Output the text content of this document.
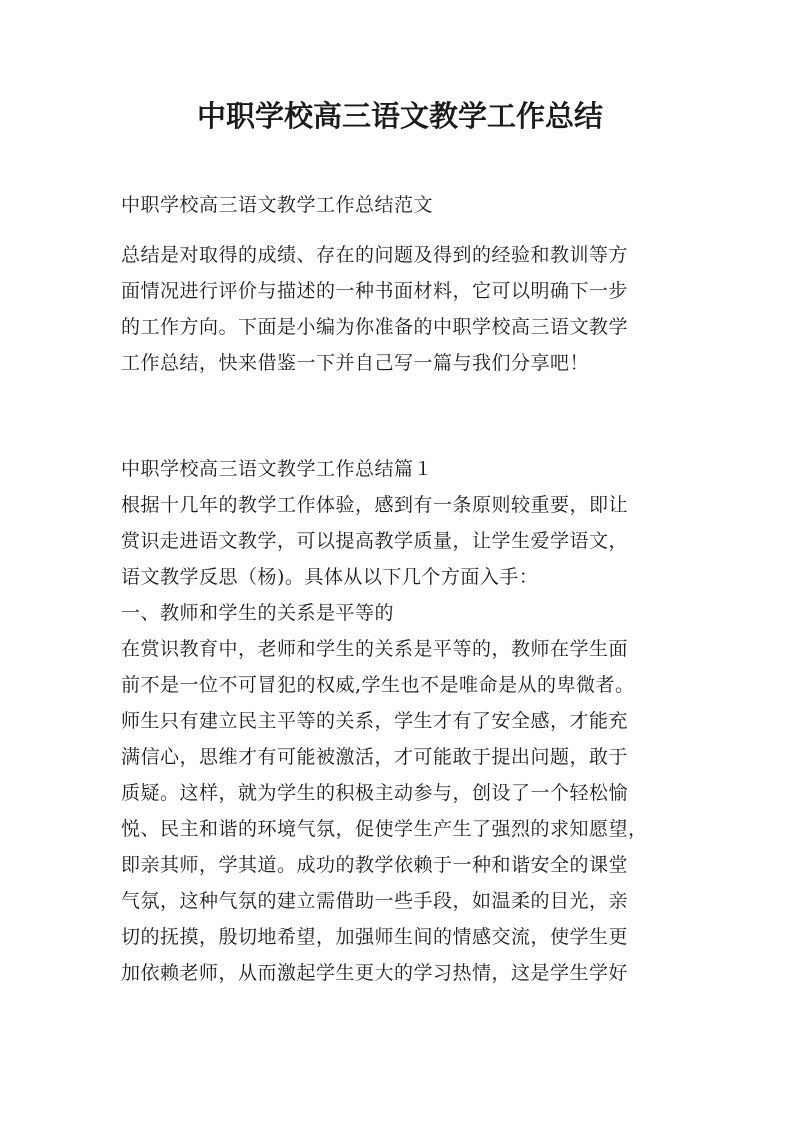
中职学校高三语文教学工作总结

中职学校高三语文教学工作总结范文

总结是对取得的成绩、存在的问题及得到的经验和教训等方
面情况进行评价与描述的一种书面材料，它可以明确下一步
的工作方向。下面是小编为你准备的中职学校高三语文教学
工作总结，快来借鉴一下并自己写一篇与我们分享吧！

中职学校高三语文教学工作总结篇１
根据十几年的教学工作体验，感到有一条原则较重要，即让
赏识走进语文教学，可以提高教学质量，让学生爱学语文，
语文教学反思（杨)。具体从以下几个方面入手：
一、教师和学生的关系是平等的
在赏识教育中，老师和学生的关系是平等的，教师在学生面
前不是一位不可冒犯的权威,学生也不是唯命是从的卑微者。
师生只有建立民主平等的关系，学生才有了安全感，才能充
满信心，思维才有可能被激活，才可能敢于提出问题，敢于
质疑。这样，就为学生的积极主动参与，创设了一个轻松愉
悦、民主和谐的环境气氛，促使学生产生了强烈的求知愿望，
即亲其师，学其道。成功的教学依赖于一种和谐安全的课堂
气氛，这种气氛的建立需借助一些手段，如温柔的目光，亲
切的抚摸，殷切地希望，加强师生间的情感交流，使学生更
加依赖老师，从而激起学生更大的学习热情，这是学生学好
